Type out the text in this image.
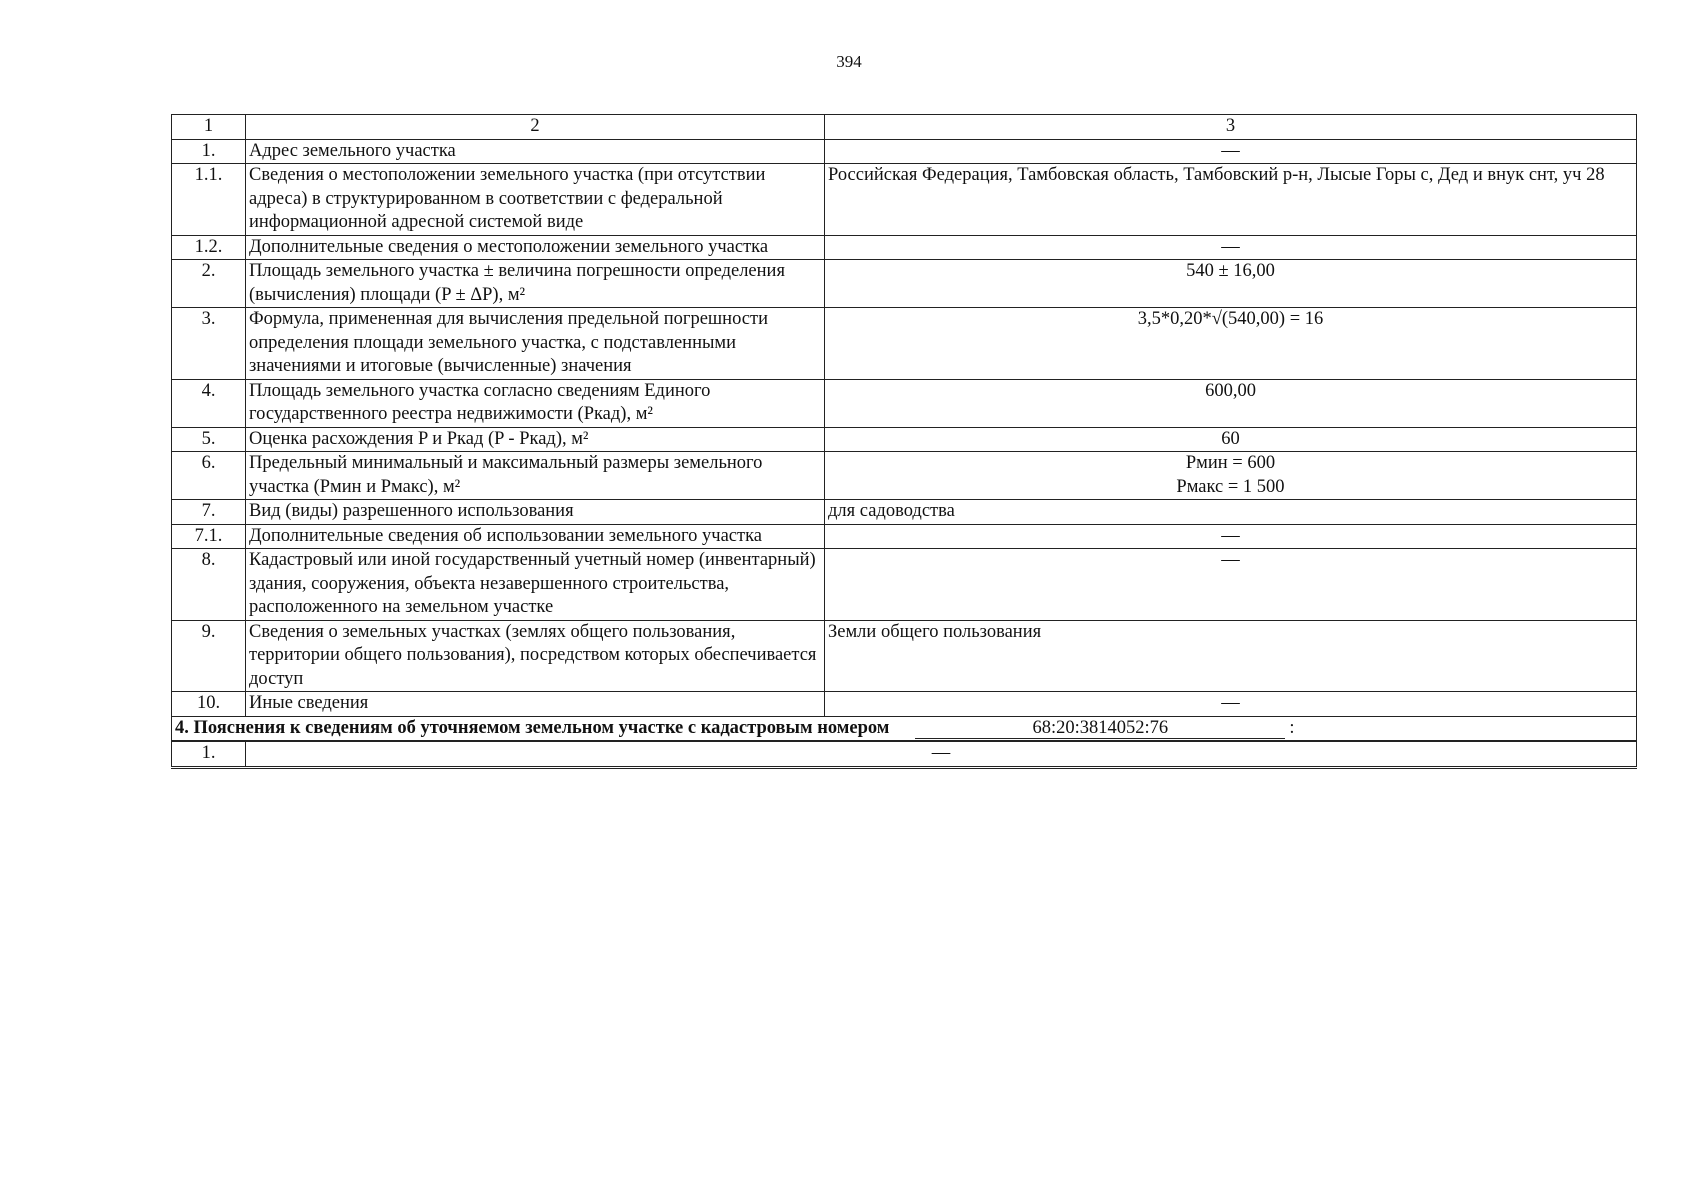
394
1	2	3
1.	Адрес земельного участка	—
1.1.	Сведения о местоположении земельного участка (при отсутствии адреса) в структурированном в соответствии с федеральной информационной адресной системой виде	Российская Федерация, Тамбовская область, Тамбовский р-н, Лысые Горы с, Дед и внук снт, уч 28
1.2.	Дополнительные сведения о местоположении земельного участка	—
2.	Площадь земельного участка ± величина погрешности определения (вычисления) площади (P ± ΔP), м²	540 ± 16,00
3.	Формула, примененная для вычисления предельной погрешности определения площади земельного участка, с подставленными значениями и итоговые (вычисленные) значения	3,5*0,20*√(540,00) = 16
4.	Площадь земельного участка согласно сведениям Единого государственного реестра недвижимости (Ркад), м²	600,00
5.	Оценка расхождения P и Ркад (P - Ркад), м²	60
6.	Предельный минимальный и максимальный размеры земельного участка (Рмин и Рмакс), м²	Рмин = 600
Рмакс = 1 500

7.	Вид (виды) разрешенного использования	для садоводства
7.1.	Дополнительные сведения об использовании земельного участка	—
8.	Кадастровый или иной государственный учетный номер (инвентарный) здания, сооружения, объекта незавершенного строительства, расположенного на земельном участке	—
9.	Сведения о земельных участках (землях общего пользования, территории общего пользования), посредством которых обеспечивается доступ	Земли общего пользования
10.	Иные сведения	—
4. Пояснения к сведениям об уточняемом земельном участке с кадастровым номером 68:20:3814052:76 :		
1.	—	
